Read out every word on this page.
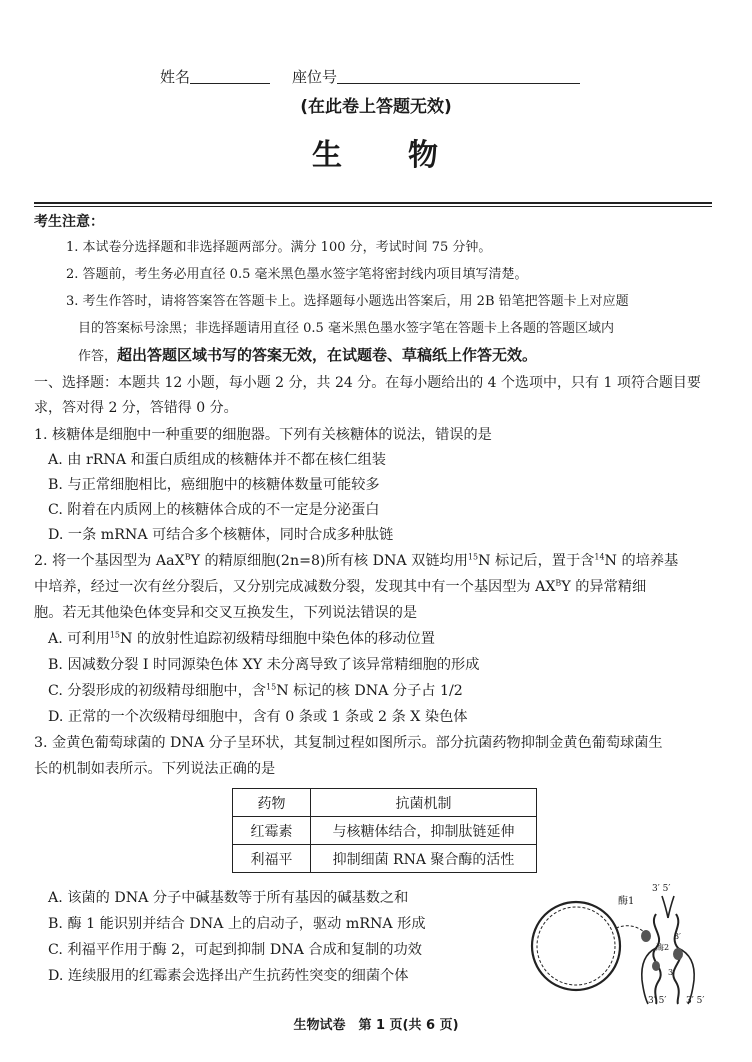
姓名	座位号
(在此卷上答题无效)
生　　物
考生注意：
1. 本试卷分选择题和非选择题两部分。满分 100 分，考试时间 75 分钟。
2. 答题前，考生务必用直径 0.5 毫米黑色墨水签字笔将密封线内项目填写清楚。
3. 考生作答时，请将答案答在答题卡上。选择题每小题选出答案后，用 2B 铅笔把答题卡上对应题
目的答案标号涂黑；非选择题请用直径 0.5 毫米黑色墨水签字笔在答题卡上各题的答题区域内
作答，超出答题区域书写的答案无效，在试题卷、草稿纸上作答无效。
一、选择题：本题共 12 小题，每小题 2 分，共 24 分。在每小题给出的 4 个选项中，只有 1 项符合题目要
求，答对得 2 分，答错得 0 分。
1. 核糖体是细胞中一种重要的细胞器。下列有关核糖体的说法，错误的是
A. 由 rRNA 和蛋白质组成的核糖体并不都在核仁组装
B. 与正常细胞相比，癌细胞中的核糖体数量可能较多
C. 附着在内质网上的核糖体合成的不一定是分泌蛋白
D. 一条 mRNA 可结合多个核糖体，同时合成多种肽链
2. 将一个基因型为 AaX$^B$Y 的精原细胞(2n=8)所有核 DNA 双链均用$^{15}$N 标记后，置于含$^{14}$N 的培养基
中培养，经过一次有丝分裂后，又分别完成减数分裂，发现其中有一个基因型为 $AX^BY$ 的异常精细
胞。若无其他染色体变异和交叉互换发生，下列说法错误的是
A. 可利用$^{15}$N 的放射性追踪初级精母细胞中染色体的移动位置
B. 因减数分裂 Ⅰ 时同源染色体 XY 未分离导致了该异常精细胞的形成
C. 分裂形成的初级精母细胞中，含$^{15}$N 标记的核 DNA 分子占 1/2
D. 正常的一个次级精母细胞中，含有 0 条或 1 条或 2 条 X 染色体
3. 金黄色葡萄球菌的 DNA 分子呈环状，其复制过程如图所示。部分抗菌药物抑制金黄色葡萄球菌生
长的机制如表所示。下列说法正确的是
药物	抗菌机制
红霉素	与核糖体结合，抑制肽链延伸
利福平	抑制细菌 RNA 聚合酶的活性
A. 该菌的 DNA 分子中碱基数等于所有基因的碱基数之和
B. 酶 1 能识别并结合 DNA 上的启动子，驱动 mRNA 形成
C. 利福平作用于酶 2，可起到抑制 DNA 合成和复制的功效
D. 连续服用的红霉素会选择出产生抗药性突变的细菌个体
酶1
酶2
3′ 5′
3′
3′
3′ 5′ 3′ 5′
生物试卷　第 1 页(共 6 页)
